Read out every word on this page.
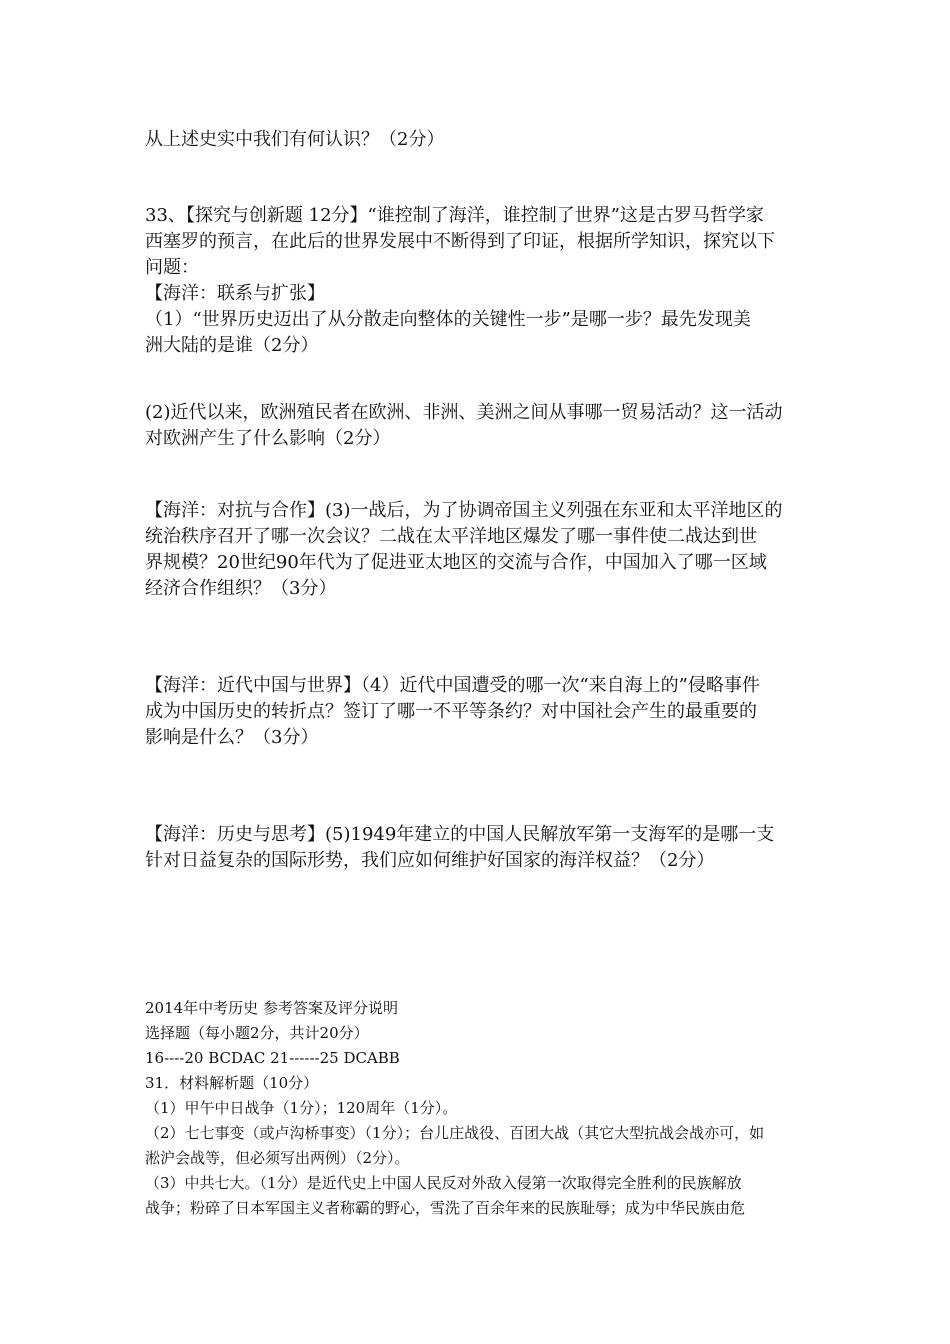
从上述史实中我们有何认识？（2分）
33、【探究与创新题 12分】“谁控制了海洋，谁控制了世界”这是古罗马哲学家
西塞罗的预言，在此后的世界发展中不断得到了印证，根据所学知识，探究以下
问题：
【海洋：联系与扩张】
（1）“世界历史迈出了从分散走向整体的关键性一步”是哪一步？最先发现美
洲大陆的是谁（2分）
(2)近代以来，欧洲殖民者在欧洲、非洲、美洲之间从事哪一贸易活动？这一活动
对欧洲产生了什么影响（2分）
【海洋：对抗与合作】(3)一战后，为了协调帝国主义列强在东亚和太平洋地区的
统治秩序召开了哪一次会议？二战在太平洋地区爆发了哪一事件使二战达到世
界规模？20世纪90年代为了促进亚太地区的交流与合作，中国加入了哪一区域
经济合作组织？（3分）
【海洋：近代中国与世界】（4）近代中国遭受的哪一次“来自海上的”侵略事件
成为中国历史的转折点？签订了哪一不平等条约？对中国社会产生的最重要的
影响是什么？（3分）
【海洋：历史与思考】(5)1949年建立的中国人民解放军第一支海军的是哪一支
针对日益复杂的国际形势，我们应如何维护好国家的海洋权益？（2分）
2014年中考历史 参考答案及评分说明
选择题（每小题2分，共计20分）
16----20 BCDAC 21------25 DCABB
31．材料解析题（10分）
（1）甲午中日战争（1分）；120周年（1分）。
（2）七七事变（或卢沟桥事变）（1分）；台儿庄战役、百团大战（其它大型抗战会战亦可，如
淞沪会战等，但必须写出两例）（2分）。
（3）中共七大。（1分）是近代史上中国人民反对外敌入侵第一次取得完全胜利的民族解放
战争；粉碎了日本军国主义者称霸的野心，雪洗了百余年来的民族耻辱；成为中华民族由危
